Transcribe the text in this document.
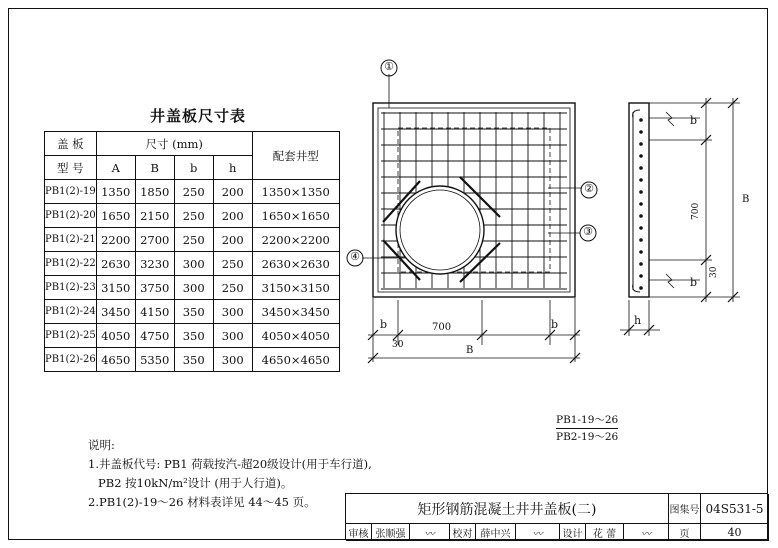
井盖板尺寸表
盖 板	尺寸 (mm)				配套井型
型 号	A	B	b	h	
PB1(2)-19	1350	1850	250	200	1350×1350
PB1(2)-20	1650	2150	250	200	1650×1650
PB1(2)-21	2200	2700	250	200	2200×2200
PB1(2)-22	2630	3230	300	250	2630×2630
PB1(2)-23	3150	3750	300	250	3150×3150
PB1(2)-24	3450	4150	350	300	3450×3450
PB1(2)-25	4050	4750	350	300	4050×4050
PB1(2)-26	4650	5350	350	300	4650×4650
①
②
③
④
b	700	b
30	B
b
B
700
b
30
h
PB1-19～26
PB2-19～26
说明:
1.井盖板代号: PB1 荷载按汽-超20级设计(用于车行道),
PB2 按10kN/m²设计 (用于人行道)。
2.PB1(2)-19～26 材料表详见 44～45 页。	矩形钢筋混凝土井井盖板(二)	图集号 04S531-5
审核 张顺强	〰	校对 薛中兴	〰	设计	花 蕾	〰	页	40
